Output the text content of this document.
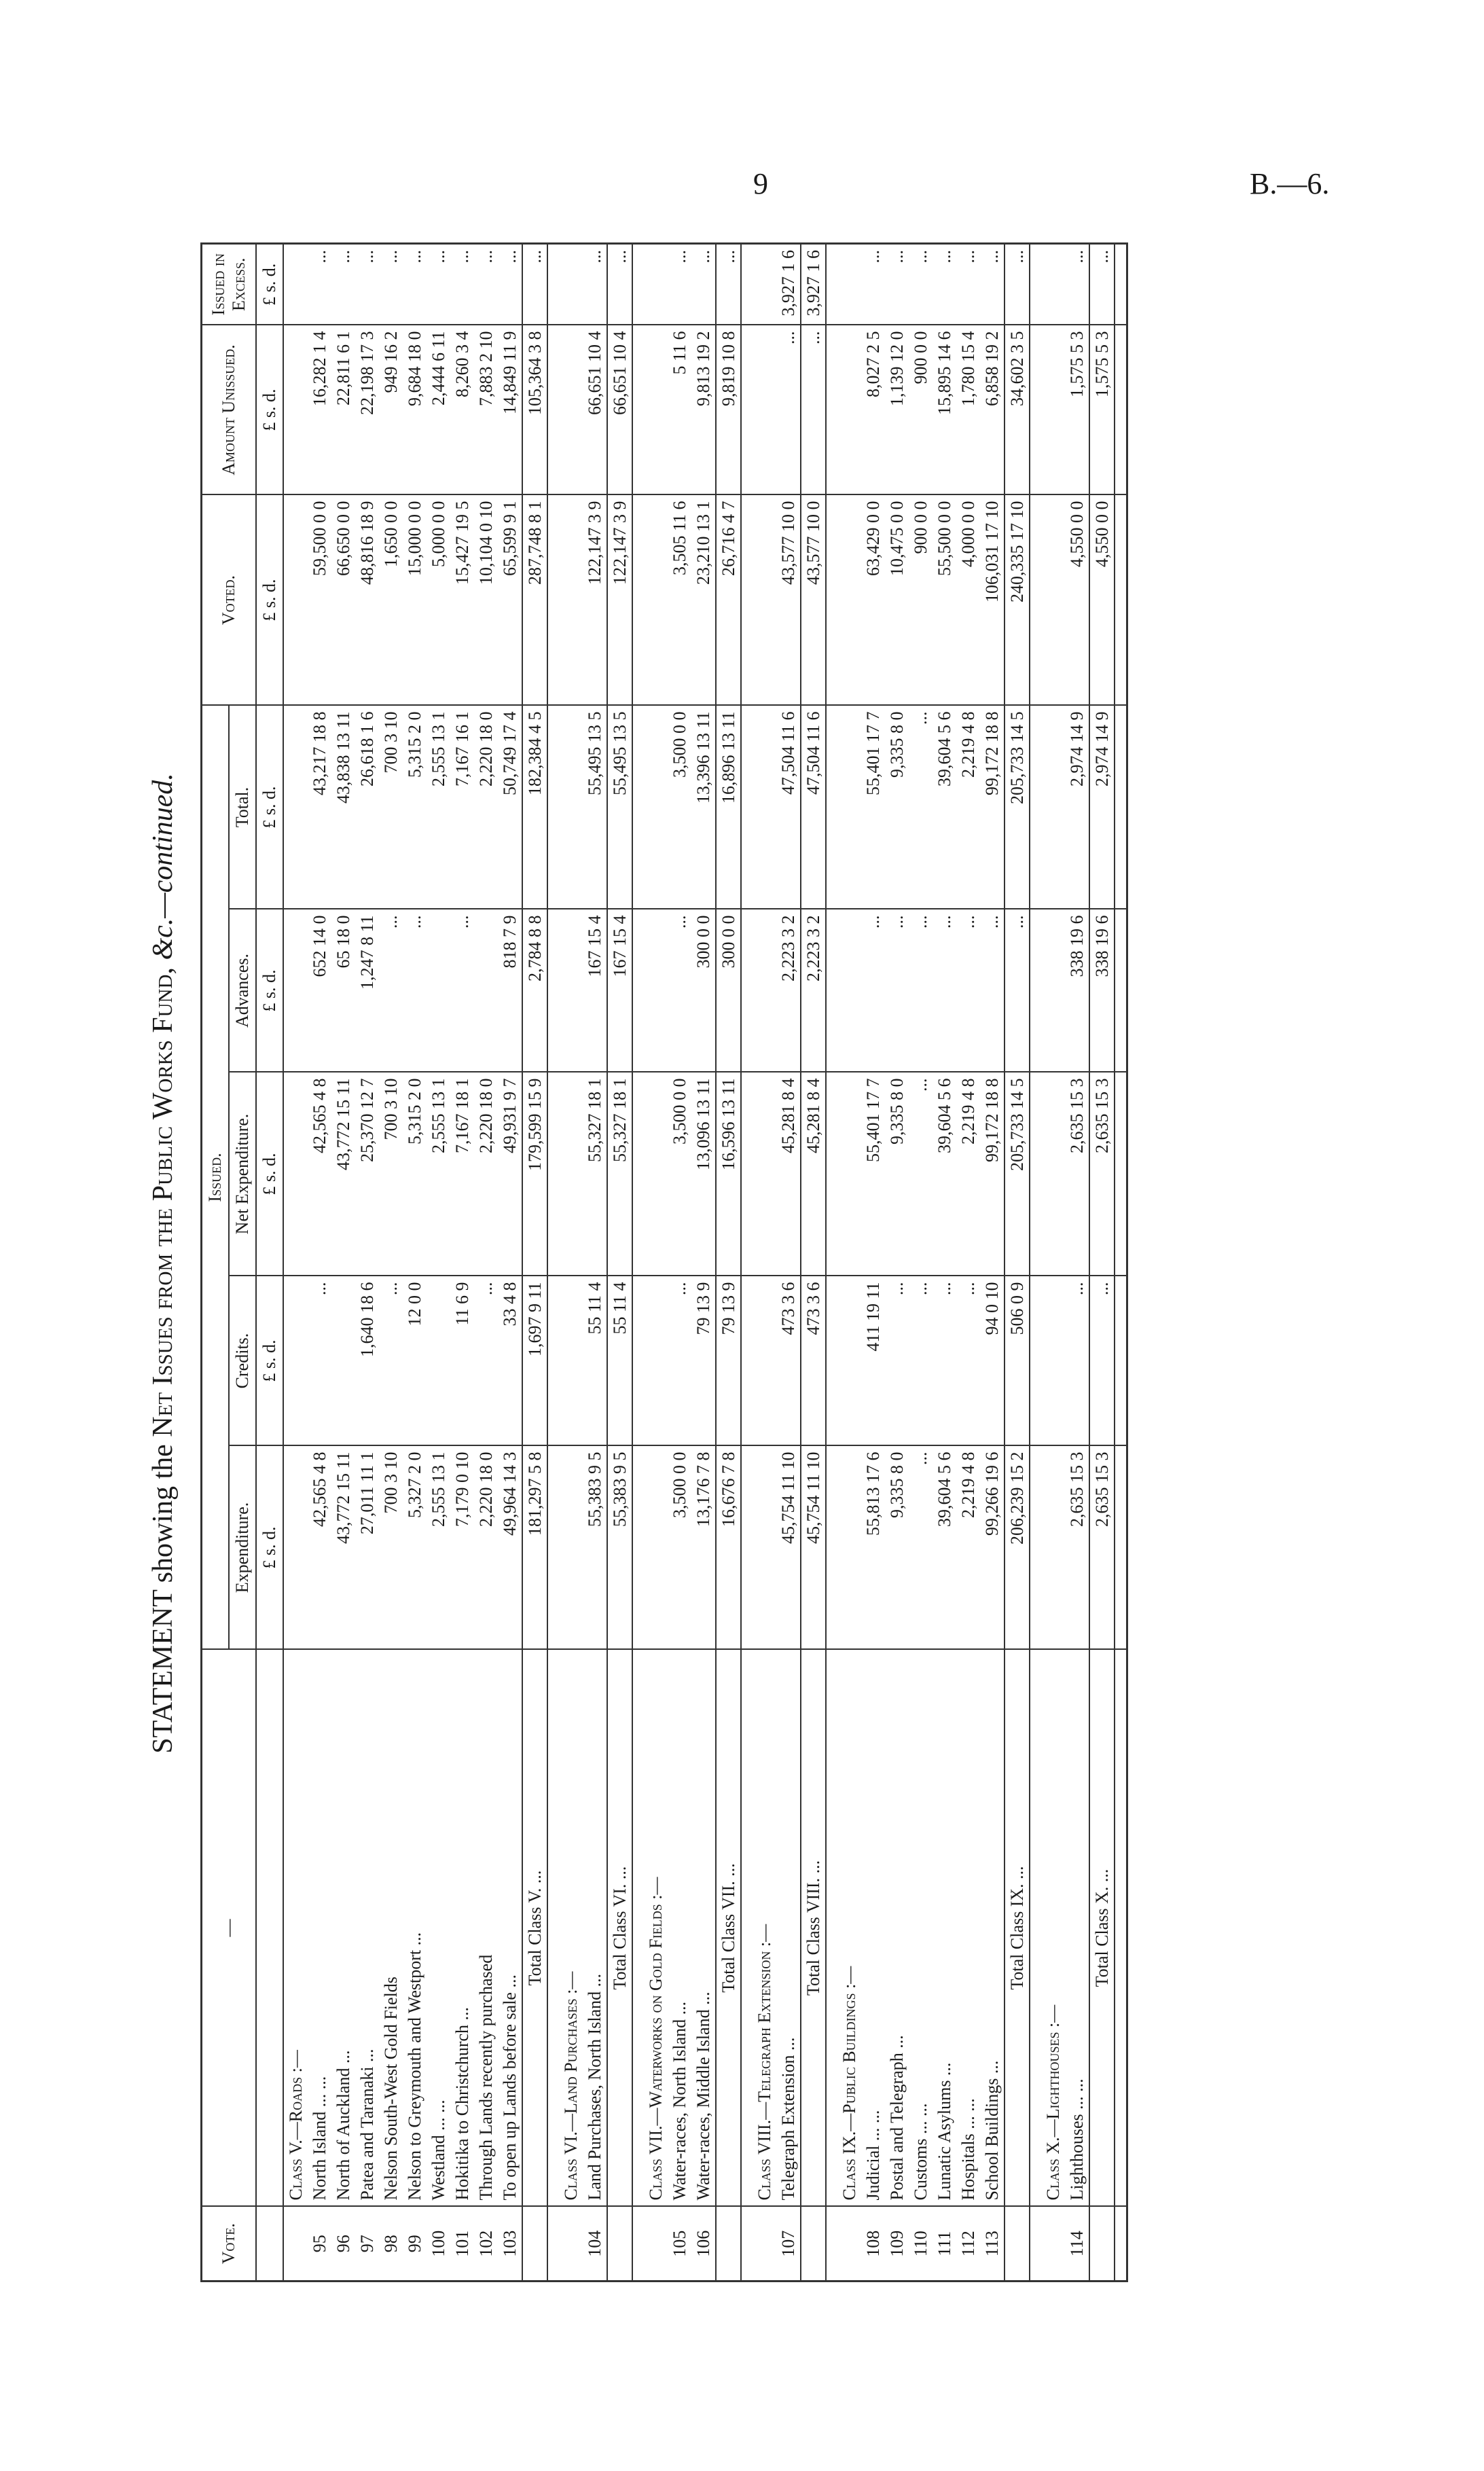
9	B.—6.
STATEMENT showing the Net Issues from the Public Works Fund, &c.—continued.
Vote.	—	Issued.					Voted.	Amount Unissued.	Issued in Excess.
		Expenditure.	Credits.	Net Expenditure.	Advances.	Total.			
		£ s. d.	£ s. d.	£ s. d.	£ s. d.	£ s. d.	£ s. d.	£ s. d.	£ s. d.
	Class V.—Roads :—								
95	North Island ... ...	42,565 4 8	...	42,565 4 8	652 14 0	43,217 18 8	59,500 0 0	16,282 1 4	...
96	North of Auckland ...	43,772 15 11		43,772 15 11	65 18 0	43,838 13 11	66,650 0 0	22,811 6 1	...
97	Patea and Taranaki ...	27,011 11 1	1,640 18 6	25,370 12 7	1,247 8 11	26,618 1 6	48,816 18 9	22,198 17 3	...
98	Nelson South-West Gold Fields	700 3 10	...	700 3 10	...	700 3 10	1,650 0 0	949 16 2	...
99	Nelson to Greymouth and Westport ...	5,327 2 0	12 0 0	5,315 2 0	...	5,315 2 0	15,000 0 0	9,684 18 0	...
100	Westland ... ...	2,555 13 1		2,555 13 1		2,555 13 1	5,000 0 0	2,444 6 11	...
101	Hokitika to Christchurch ...	7,179 0 10	11 6 9	7,167 18 1	...	7,167 16 1	15,427 19 5	8,260 3 4	...
102	Through Lands recently purchased	2,220 18 0	...	2,220 18 0		2,220 18 0	10,104 0 10	7,883 2 10	...
103	To open up Lands before sale ...	49,964 14 3	33 4 8	49,931 9 7	818 7 9	50,749 17 4	65,599 9 1	14,849 11 9	...
	Total Class V. ...	181,297 5 8	1,697 9 11	179,599 15 9	2,784 8 8	182,384 4 5	287,748 8 1	105,364 3 8	...

	Class VI.—Land Purchases :—								
104	Land Purchases, North Island ...	55,383 9 5	55 11 4	55,327 18 1	167 15 4	55,495 13 5	122,147 3 9	66,651 10 4	...
	Total Class VI. ...	55,383 9 5	55 11 4	55,327 18 1	167 15 4	55,495 13 5	122,147 3 9	66,651 10 4	...

	Class VII.—Waterworks on Gold Fields :—								
105	Water-races, North Island ...	3,500 0 0	...	3,500 0 0	...	3,500 0 0	3,505 11 6	5 11 6	...
106	Water-races, Middle Island ...	13,176 7 8	79 13 9	13,096 13 11	300 0 0	13,396 13 11	23,210 13 1	9,813 19 2	...
	Total Class VII. ...	16,676 7 8	79 13 9	16,596 13 11	300 0 0	16,896 13 11	26,716 4 7	9,819 10 8	...

	Class VIII.—Telegraph Extension :—								
107	Telegraph Extension ...	45,754 11 10	473 3 6	45,281 8 4	2,223 3 2	47,504 11 6	43,577 10 0	...	3,927 1 6
	Total Class VIII. ...	45,754 11 10	473 3 6	45,281 8 4	2,223 3 2	47,504 11 6	43,577 10 0	...	3,927 1 6

	Class IX.—Public Buildings :—								
108	Judicial ... ...	55,813 17 6	411 19 11	55,401 17 7	...	55,401 17 7	63,429 0 0	8,027 2 5	...
109	Postal and Telegraph ...	9,335 8 0	...	9,335 8 0	...	9,335 8 0	10,475 0 0	1,139 12 0	...
110	Customs ... ...	...	...	...	...	...	900 0 0	900 0 0	...
111	Lunatic Asylums ...	39,604 5 6	...	39,604 5 6	...	39,604 5 6	55,500 0 0	15,895 14 6	...
112	Hospitals ... ...	2,219 4 8	...	2,219 4 8	...	2,219 4 8	4,000 0 0	1,780 15 4	...
113	School Buildings ...	99,266 19 6	94 0 10	99,172 18 8	...	99,172 18 8	106,031 17 10	6,858 19 2	...
	Total Class IX. ...	206,239 15 2	506 0 9	205,733 14 5	...	205,733 14 5	240,335 17 10	34,602 3 5	...

	Class X.—Lighthouses :—								
114	Lighthouses ... ...	2,635 15 3	...	2,635 15 3	338 19 6	2,974 14 9	4,550 0 0	1,575 5 3	...
	Total Class X. ...	2,635 15 3	...	2,635 15 3	338 19 6	2,974 14 9	4,550 0 0	1,575 5 3	...
